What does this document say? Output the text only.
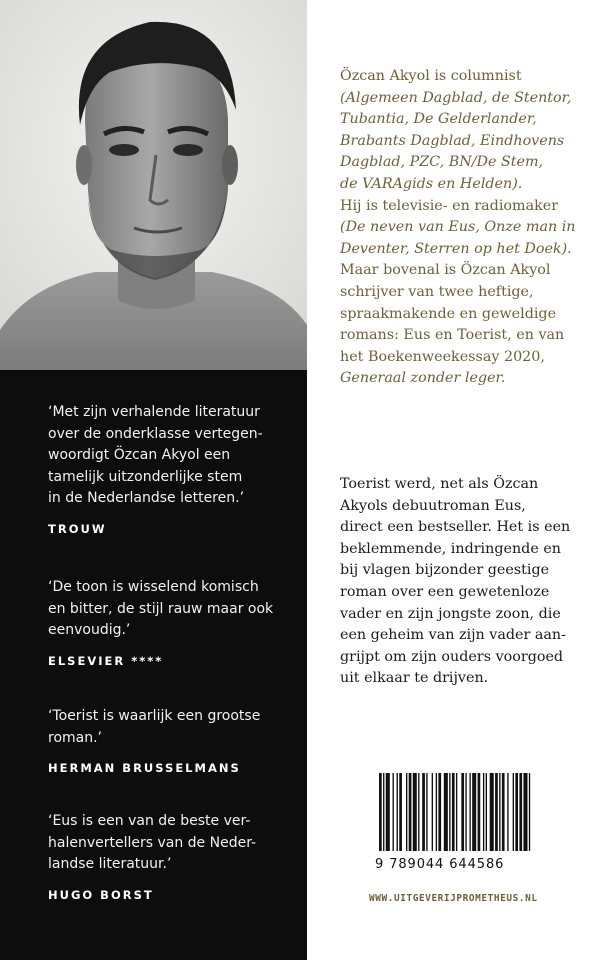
‘Met zijn verhalende literatuur
over de onderklasse vertegen-
woordigt Özcan Akyol een
tamelijk uitzonderlijke stem
in de Nederlandse letteren.’
TROUW
‘De toon is wisselend komisch
en bitter, de stijl rauw maar ook
eenvoudig.’
ELSEVIER ****
‘Toerist is waarlijk een grootse
roman.’
HERMAN BRUSSELMANS
‘Eus is een van de beste ver-
halenvertellers van de Neder-
landse literatuur.’
HUGO BORST
Özcan Akyol is columnist
(Algemeen Dagblad, de Stentor,
Tubantia, De Gelderlander,
Brabants Dagblad, Eindhovens
Dagblad, PZC, BN/De Stem,
de VARAgids en Helden).
Hij is televisie- en radiomaker
(De neven van Eus, Onze man in
Deventer, Sterren op het Doek).
Maar bovenal is Özcan Akyol
schrijver van twee heftige,
spraakmakende en geweldige
romans: Eus en Toerist, en van
het Boekenweekessay 2020,
Generaal zonder leger.
Toerist werd, net als Özcan
Akyols debuutroman Eus,
direct een bestseller. Het is een
beklemmende, indringende en
bij vlagen bijzonder geestige
roman over een gewetenloze
vader en zijn jongste zoon, die
een geheim van zijn vader aan-
grijpt om zijn ouders voorgoed
uit elkaar te drijven.
9 789044 644586
WWW.UITGEVERIJPROMETHEUS.NL
